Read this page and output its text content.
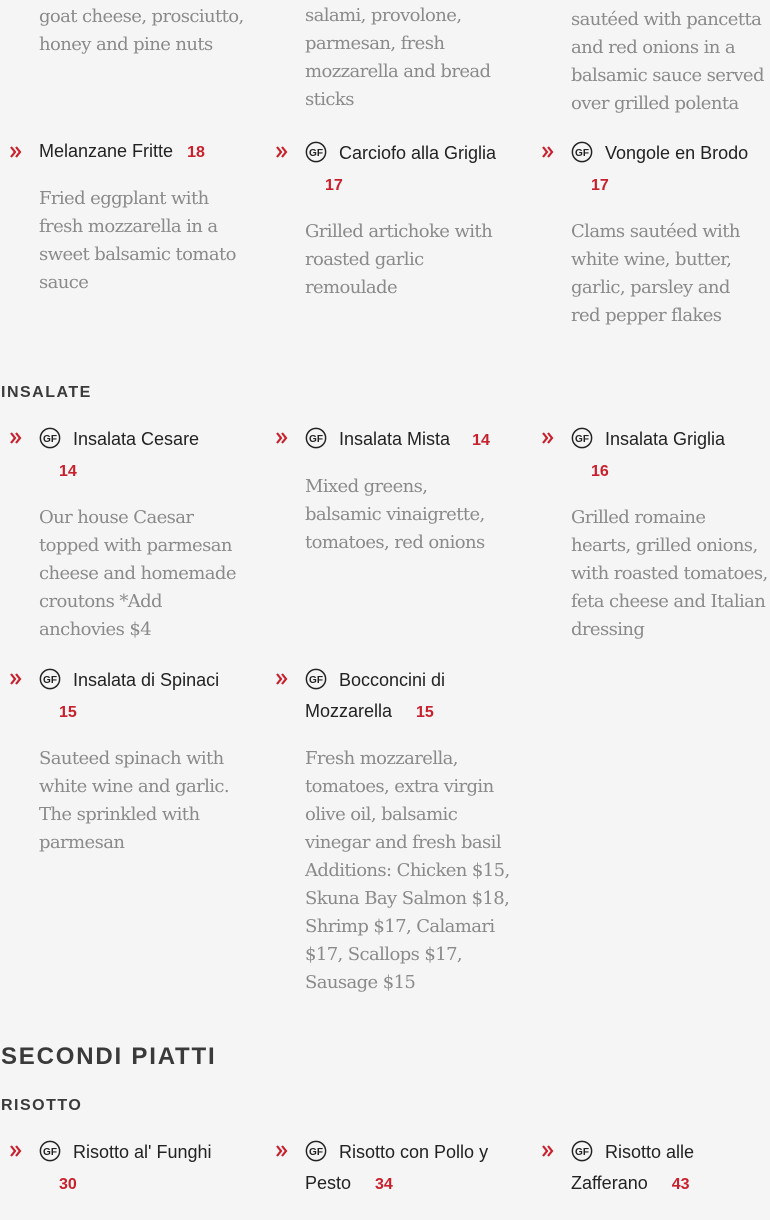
goat cheese, prosciutto, honey and pine nuts
salami, provolone, parmesan, fresh mozzarella and bread sticks
sautéed with pancetta and red onions in a balsamic sauce served over grilled polenta
Melanzane Fritte 18
Fried eggplant with fresh mozzarella in a sweet balsamic tomato sauce
Carciofo alla Griglia
17
Grilled artichoke with roasted garlic remoulade
Vongole en Brodo
17
Clams sautéed with white wine, butter, garlic, parsley and red pepper flakes
INSALATE
Insalata Cesare
14
Our house Caesar topped with parmesan cheese and homemade croutons *Add anchovies $4
Insalata Mista 14
Mixed greens, balsamic vinaigrette, tomatoes, red onions
Insalata Griglia
16
Grilled romaine hearts, grilled onions, with roasted tomatoes, feta cheese and Italian dressing
Insalata di Spinaci
15
Sauteed spinach with white wine and garlic. The sprinkled with parmesan
Bocconcini di
Mozzarella 15
Fresh mozzarella, tomatoes, extra virgin olive oil, balsamic vinegar and fresh basil Additions: Chicken $15, Skuna Bay Salmon $18, Shrimp $17, Calamari $17, Scallops $17, Sausage $15
SECONDI PIATTI
RISOTTO
Risotto al' Funghi
30
Risotto con Pollo y
Pesto 34
Risotto alle
Zafferano 43
